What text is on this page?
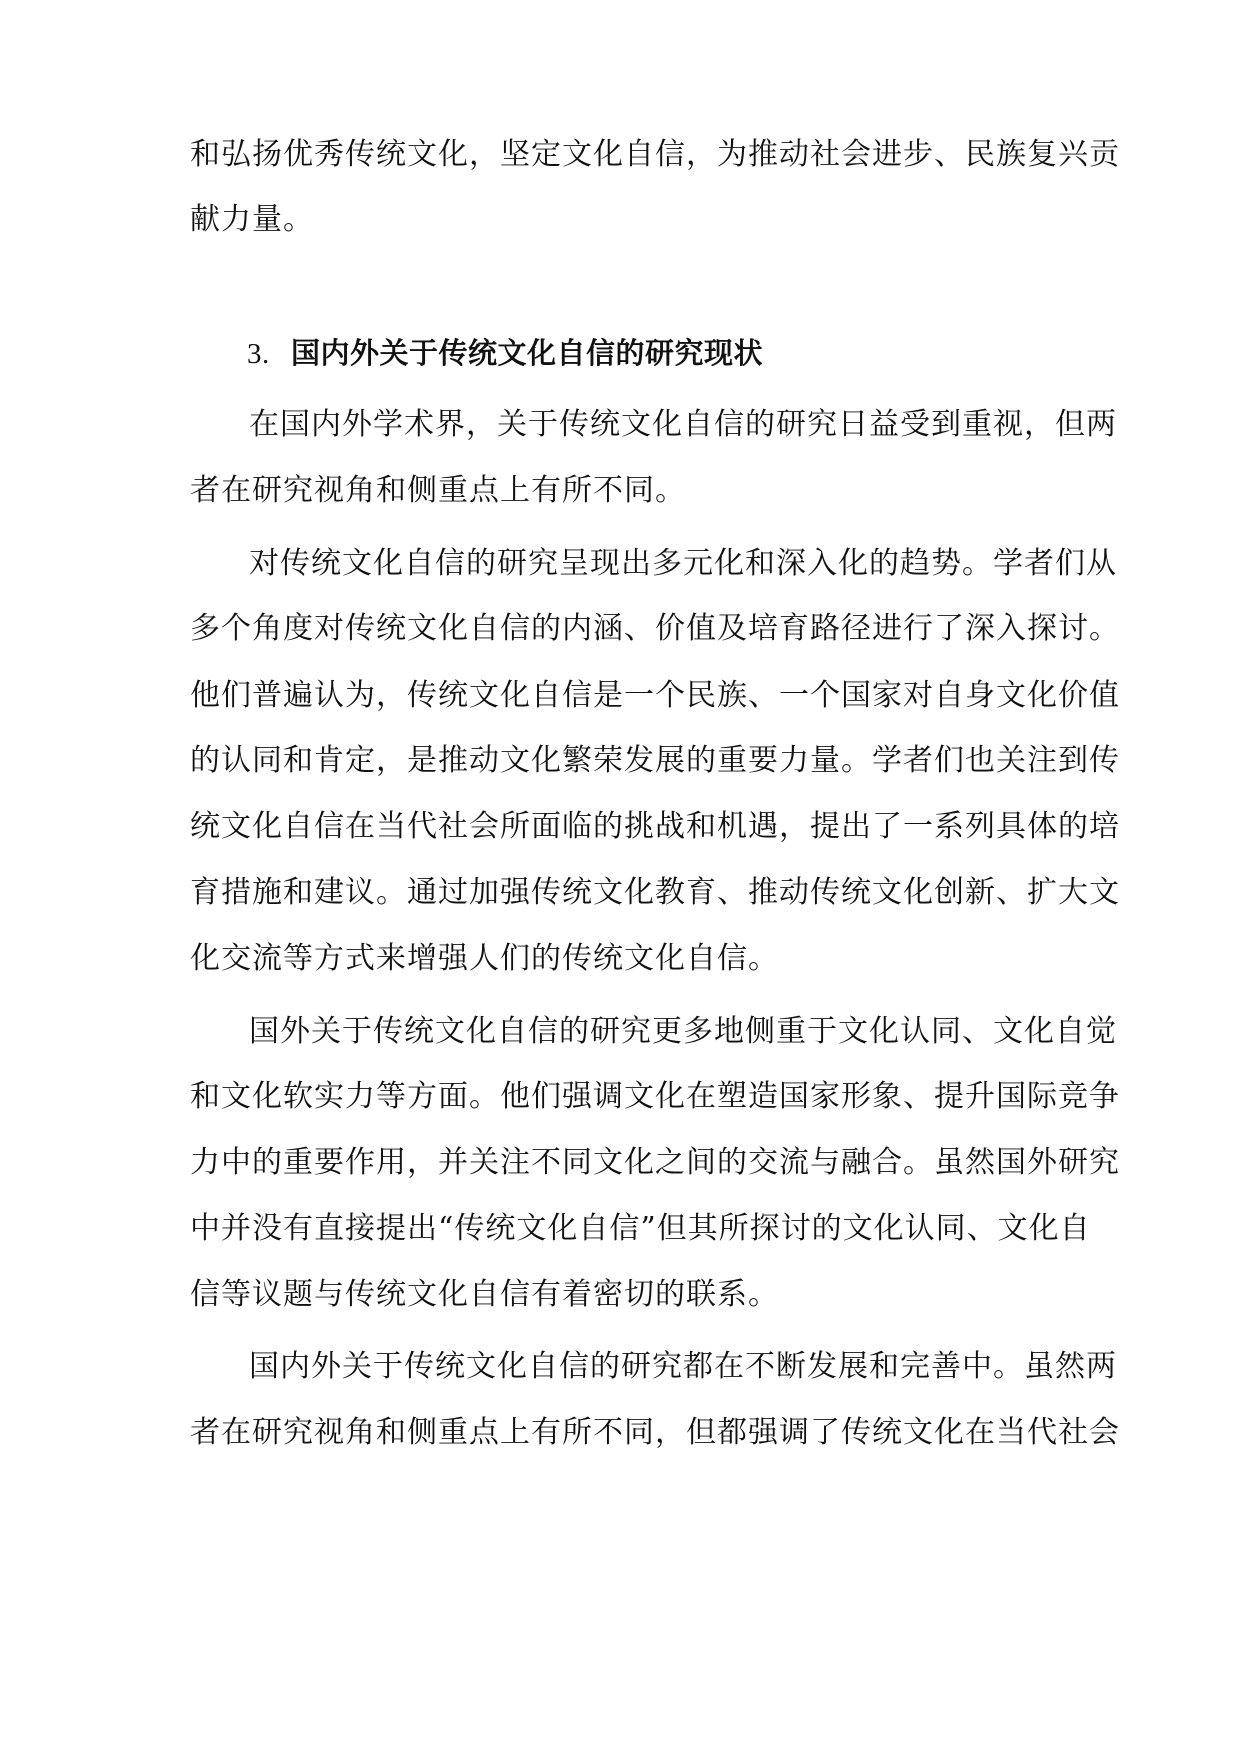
和弘扬优秀传统文化，坚定文化自信，为推动社会进步、民族复兴贡
献力量。
3. 国内外关于传统文化自信的研究现状
在国内外学术界，关于传统文化自信的研究日益受到重视，但两
者在研究视角和侧重点上有所不同。
对传统文化自信的研究呈现出多元化和深入化的趋势。学者们从
多个角度对传统文化自信的内涵、价值及培育路径进行了深入探讨。
他们普遍认为，传统文化自信是一个民族、一个国家对自身文化价值
的认同和肯定，是推动文化繁荣发展的重要力量。学者们也关注到传
统文化自信在当代社会所面临的挑战和机遇，提出了一系列具体的培
育措施和建议。通过加强传统文化教育、推动传统文化创新、扩大文
化交流等方式来增强人们的传统文化自信。
国外关于传统文化自信的研究更多地侧重于文化认同、文化自觉
和文化软实力等方面。他们强调文化在塑造国家形象、提升国际竞争
力中的重要作用，并关注不同文化之间的交流与融合。虽然国外研究
中并没有直接提出“传统文化自信”但其所探讨的文化认同、文化自
信等议题与传统文化自信有着密切的联系。
国内外关于传统文化自信的研究都在不断发展和完善中。虽然两
者在研究视角和侧重点上有所不同，但都强调了传统文化在当代社会
